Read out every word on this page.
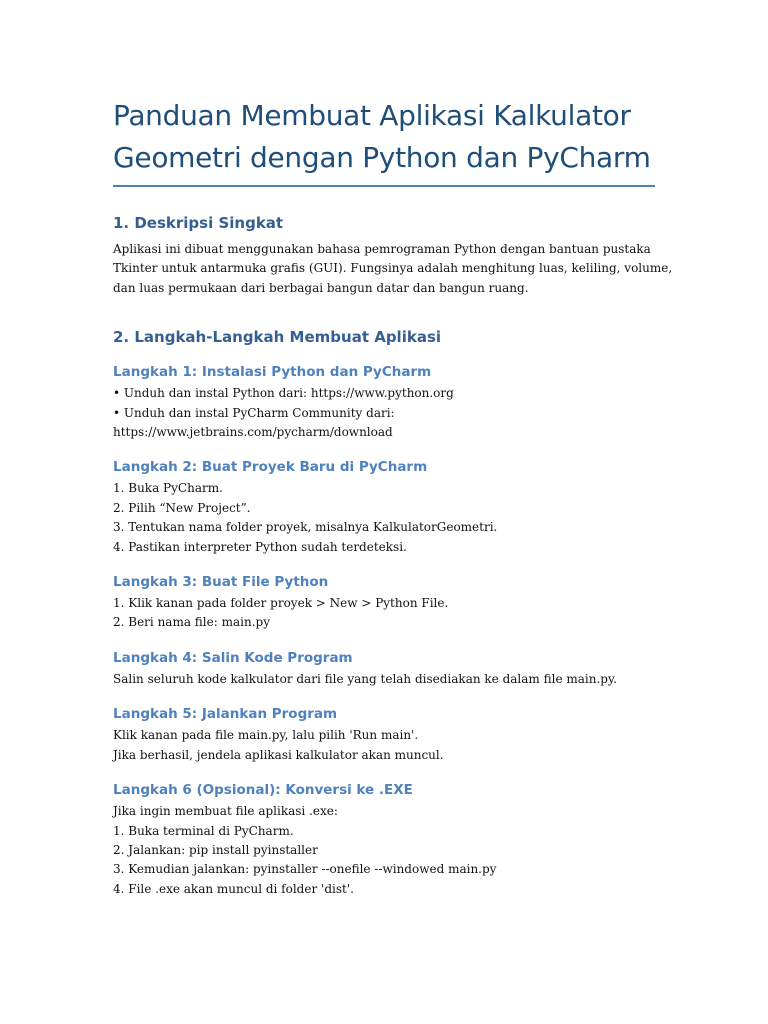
Panduan Membuat Aplikasi Kalkulator
Geometri dengan Python dan PyCharm
1. Deskripsi Singkat

Aplikasi ini dibuat menggunakan bahasa pemrograman Python dengan bantuan pustaka
Tkinter untuk antarmuka grafis (GUI). Fungsinya adalah menghitung luas, keliling, volume,
dan luas permukaan dari berbagai bangun datar dan bangun ruang.

2. Langkah-Langkah Membuat Aplikasi
Langkah 1: Instalasi Python dan PyCharm

• Unduh dan instal Python dari: https://www.python.org
• Unduh dan instal PyCharm Community dari:
https://www.jetbrains.com/pycharm/download

Langkah 2: Buat Proyek Baru di PyCharm

1. Buka PyCharm.
2. Pilih “New Project”.
3. Tentukan nama folder proyek, misalnya KalkulatorGeometri.
4. Pastikan interpreter Python sudah terdeteksi.

Langkah 3: Buat File Python

1. Klik kanan pada folder proyek > New > Python File.
2. Beri nama file: main.py

Langkah 4: Salin Kode Program

Salin seluruh kode kalkulator dari file yang telah disediakan ke dalam file main.py.

Langkah 5: Jalankan Program

Klik kanan pada file main.py, lalu pilih 'Run main'.
Jika berhasil, jendela aplikasi kalkulator akan muncul.

Langkah 6 (Opsional): Konversi ke .EXE

Jika ingin membuat file aplikasi .exe:
1. Buka terminal di PyCharm.
2. Jalankan: pip install pyinstaller
3. Kemudian jalankan: pyinstaller --onefile --windowed main.py
4. File .exe akan muncul di folder 'dist'.
